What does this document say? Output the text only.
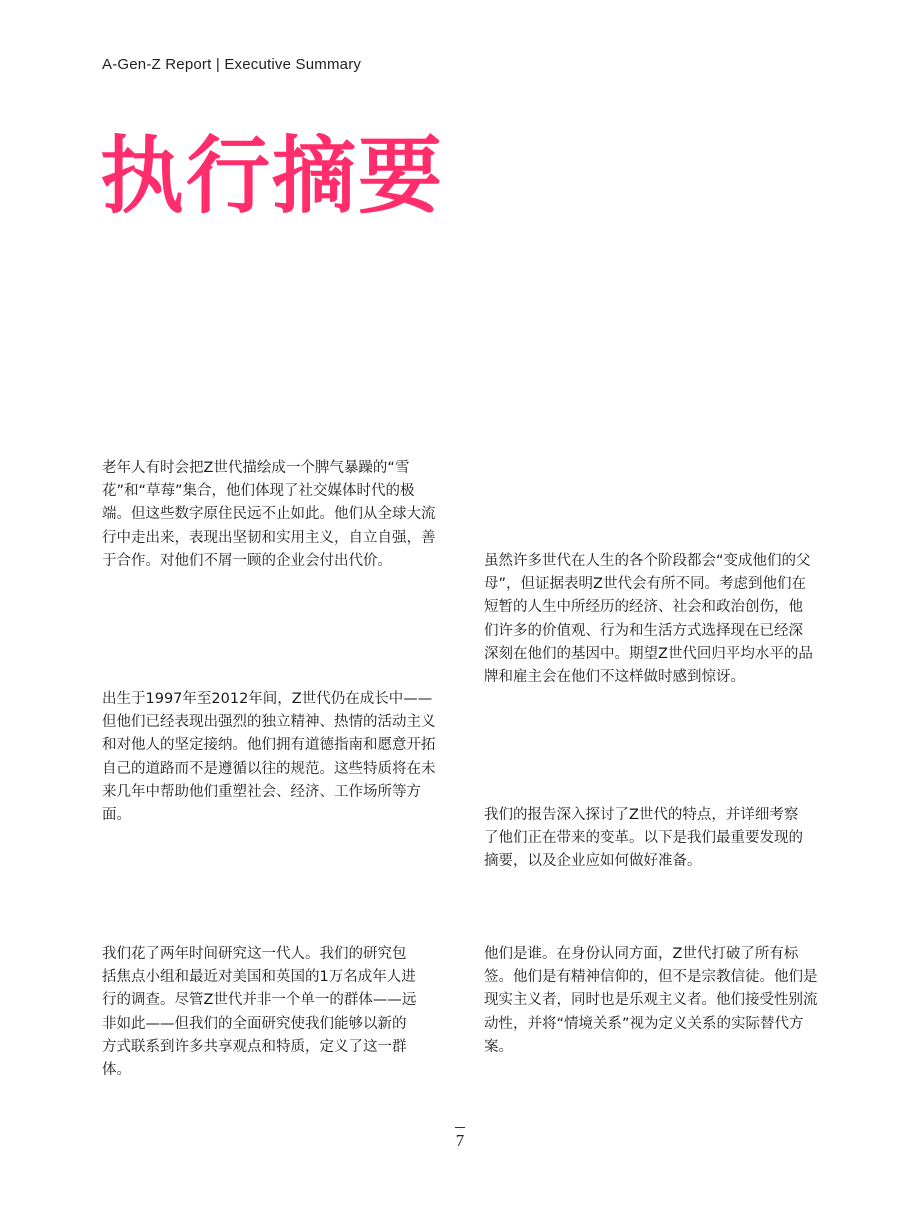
A-Gen-Z Report | Executive Summary
执行摘要
老年人有时会把Z世代描绘成一个脾气暴躁的“雪花”和“草莓”集合，他们体现了社交媒体时代的极端。但这些数字原住民远不止如此。他们从全球大流行中走出来，表现出坚韧和实用主义，自立自强，善于合作。对他们不屑一顾的企业会付出代价。
出生于1997年至2012年间，Z世代仍在成长中——但他们已经表现出强烈的独立精神、热情的活动主义和对他人的坚定接纳。他们拥有道德指南和愿意开拓自己的道路而不是遵循以往的规范。这些特质将在未来几年中帮助他们重塑社会、经济、工作场所等方面。
我们花了两年时间研究这一代人。我们的研究包括焦点小组和最近对美国和英国的1万名成年人进行的调查。尽管Z世代并非一个单一的群体——远非如此——但我们的全面研究使我们能够以新的方式联系到许多共享观点和特质，定义了这一群体。
虽然许多世代在人生的各个阶段都会“变成他们的父母”，但证据表明Z世代会有所不同。考虑到他们在短暂的人生中所经历的经济、社会和政治创伤，他们许多的价值观、行为和生活方式选择现在已经深深刻在他们的基因中。期望Z世代回归平均水平的品牌和雇主会在他们不这样做时感到惊讶。
我们的报告深入探讨了Z世代的特点，并详细考察了他们正在带来的变革。以下是我们最重要发现的摘要，以及企业应如何做好准备。
他们是谁。在身份认同方面，Z世代打破了所有标签。他们是有精神信仰的，但不是宗教信徒。他们是现实主义者，同时也是乐观主义者。他们接受性别流动性，并将“情境关系”视为定义关系的实际替代方案。
7
